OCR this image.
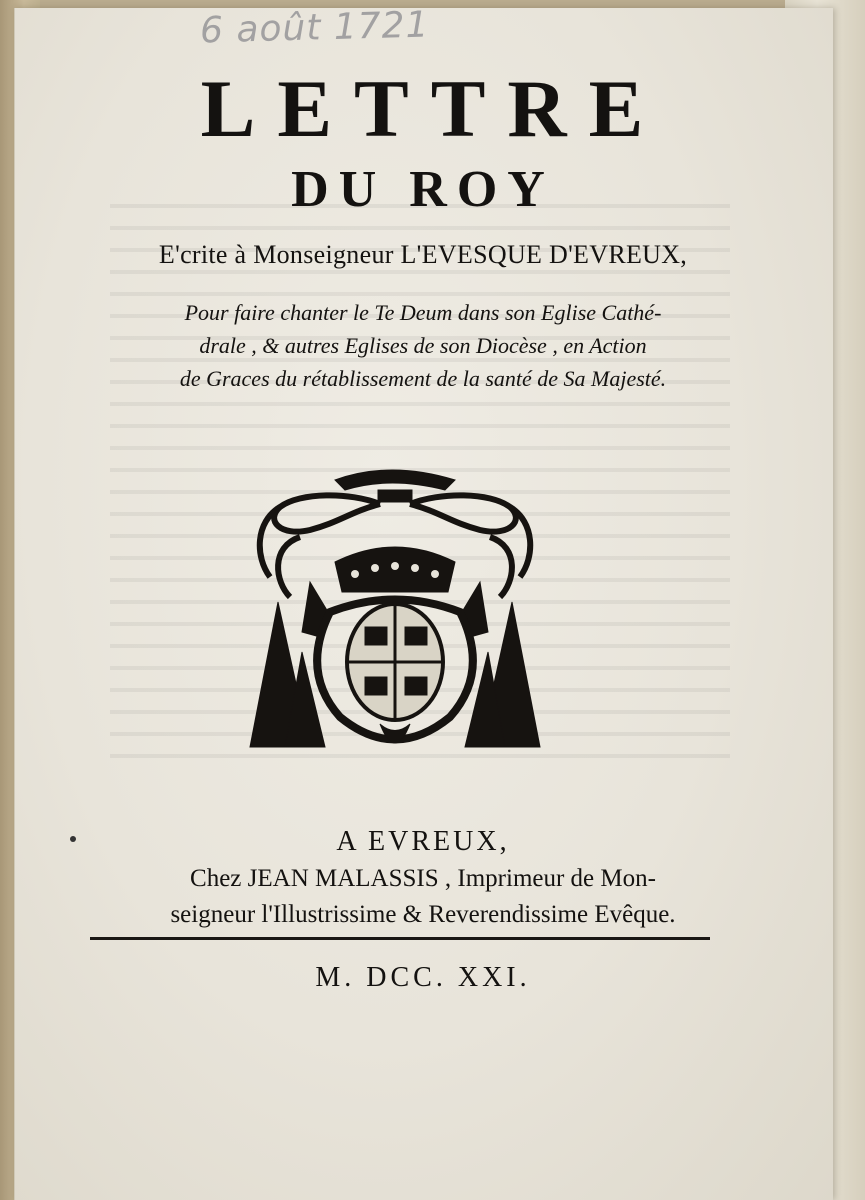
6 août 1721
LETTRE
DU ROY
E'crite à Monseigneur L'EVESQUE D'EVREUX,
Pour faire chanter le Te Deum dans son Eglise Cathé-
drale , & autres Eglises de son Diocèse , en Action
de Graces du rétablissement de la santé de Sa Majesté.
A EVREUX,
Chez JEAN MALASSIS , Imprimeur de Mon-
seigneur l'Illustrissime & Reverendissime Evêque.
M. DCC. XXI.
